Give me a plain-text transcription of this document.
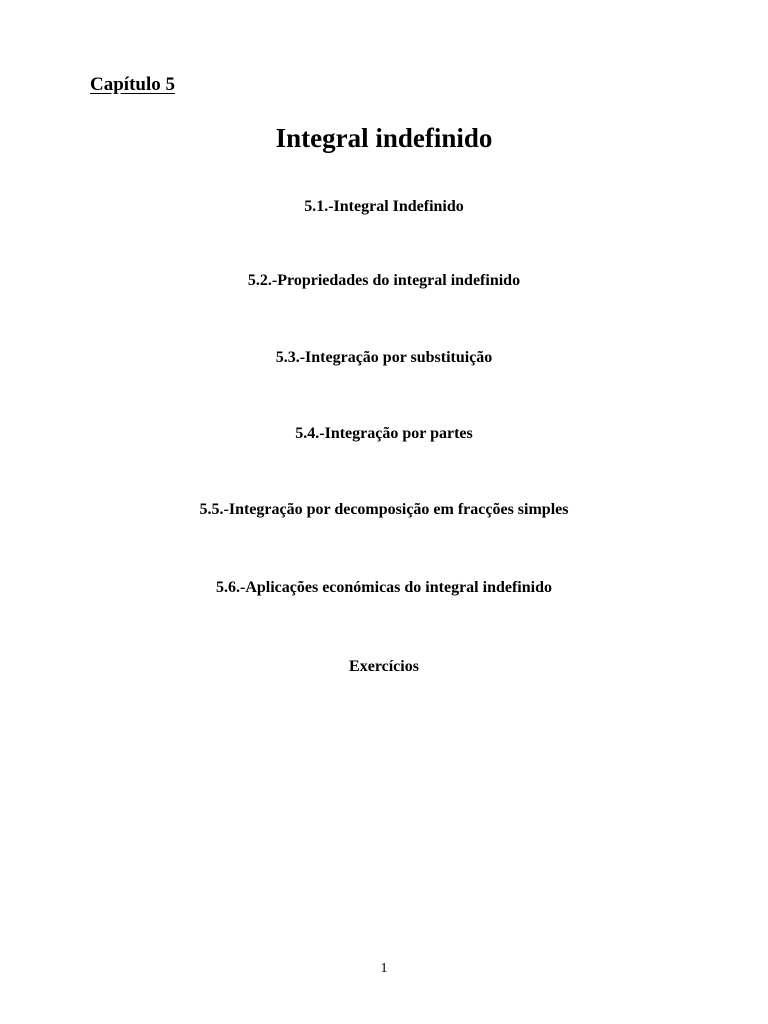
Capítulo 5
Integral indefinido
5.1.-Integral Indefinido
5.2.-Propriedades do integral indefinido
5.3.-Integração por substituição
5.4.-Integração por partes
5.5.-Integração por decomposição em fracções simples
5.6.-Aplicações económicas do integral indefinido
Exercícios
1
